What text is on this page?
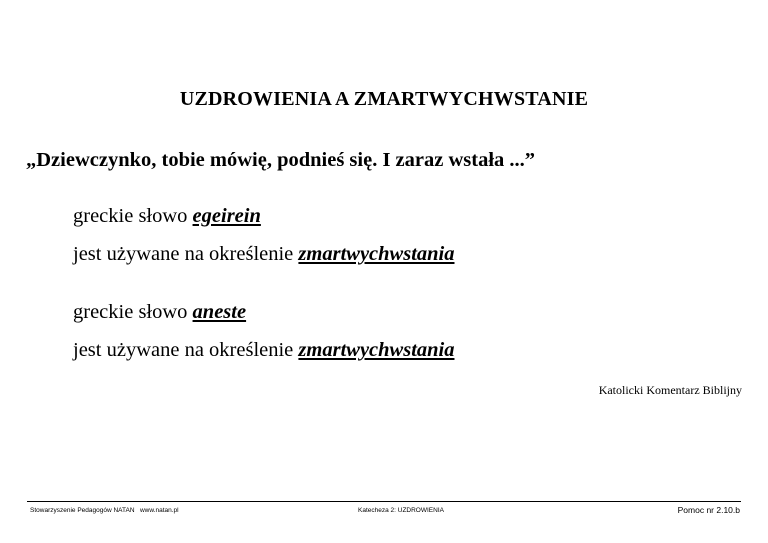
UZDROWIENIA A ZMARTWYCHWSTANIE
„Dziewczynko, tobie mówię, podnieś się. I zaraz wstała ...”
greckie słowo egeirein
jest używane na określenie zmartwychwstania
greckie słowo aneste
jest używane na określenie zmartwychwstania
Katolicki Komentarz Biblijny
Stowarzyszenie Pedagogów NATAN   www.natan.pl	Katecheza 2: UZDROWIENIA	Pomoc nr 2.10.b
